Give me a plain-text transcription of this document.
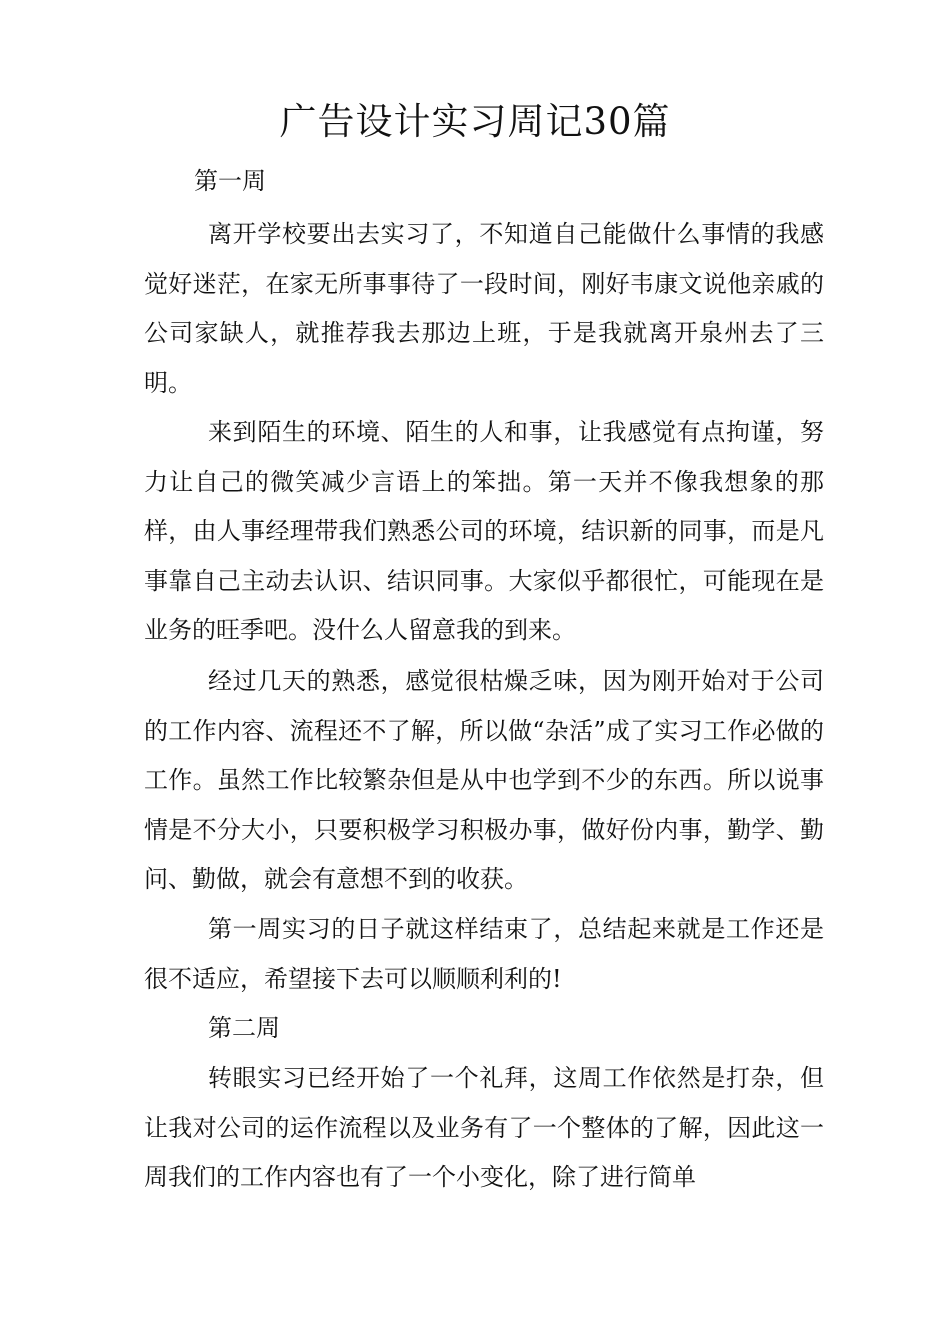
广告设计实习周记30篇

第一周

离开学校要出去实习了，不知道自己能做什么事情的我感觉好迷茫，在家无所事事待了一段时间，刚好韦康文说他亲戚的公司家缺人，就推荐我去那边上班，于是我就离开泉州去了三明。

来到陌生的环境、陌生的人和事，让我感觉有点拘谨，努力让自己的微笑减少言语上的笨拙。第一天并不像我想象的那样，由人事经理带我们熟悉公司的环境，结识新的同事，而是凡事靠自己主动去认识、结识同事。大家似乎都很忙，可能现在是业务的旺季吧。没什么人留意我的到来。

经过几天的熟悉，感觉很枯燥乏味，因为刚开始对于公司的工作内容、流程还不了解，所以做“杂活”成了实习工作必做的工作。虽然工作比较繁杂但是从中也学到不少的东西。所以说事情是不分大小，只要积极学习积极办事，做好份内事，勤学、勤问、勤做，就会有意想不到的收获。

第一周实习的日子就这样结束了，总结起来就是工作还是很不适应，希望接下去可以顺顺利利的!

第二周

转眼实习已经开始了一个礼拜，这周工作依然是打杂，但让我对公司的运作流程以及业务有了一个整体的了解，因此这一周我们的工作内容也有了一个小变化，除了进行简单
